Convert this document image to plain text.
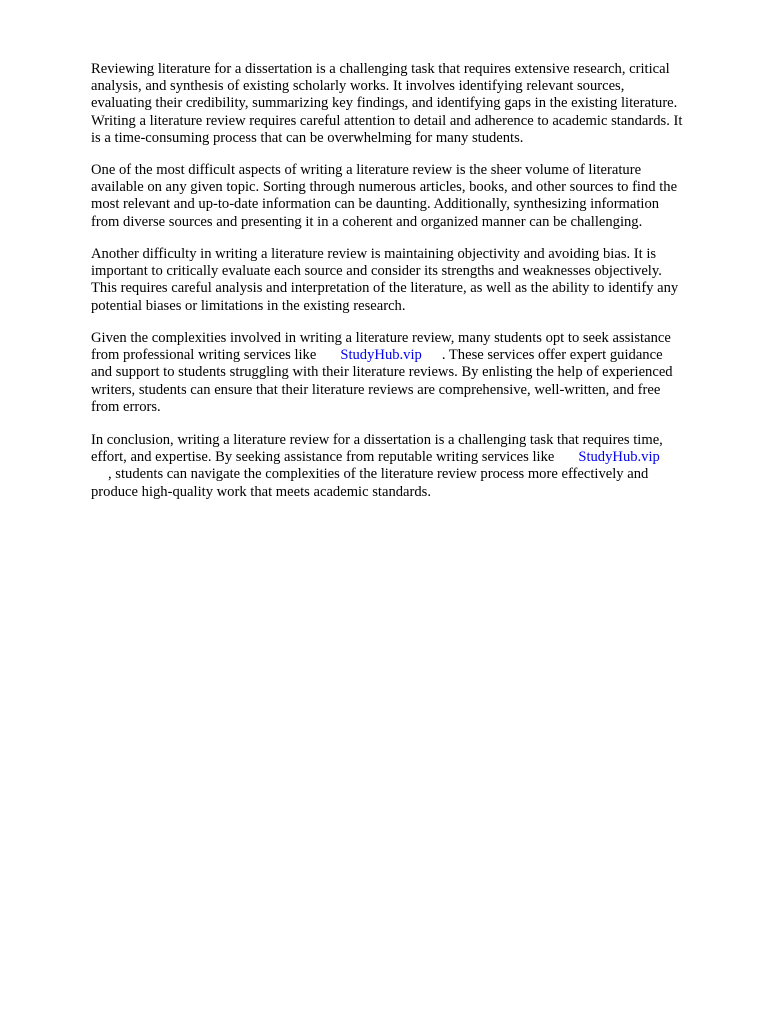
Reviewing literature for a dissertation is a challenging task that requires extensive research, critical
analysis, and synthesis of existing scholarly works. It involves identifying relevant sources,
evaluating their credibility, summarizing key findings, and identifying gaps in the existing literature.
Writing a literature review requires careful attention to detail and adherence to academic standards. It
is a time-consuming process that can be overwhelming for many students.

One of the most difficult aspects of writing a literature review is the sheer volume of literature
available on any given topic. Sorting through numerous articles, books, and other sources to find the
most relevant and up-to-date information can be daunting. Additionally, synthesizing information
from diverse sources and presenting it in a coherent and organized manner can be challenging.

Another difficulty in writing a literature review is maintaining objectivity and avoiding bias. It is
important to critically evaluate each source and consider its strengths and weaknesses objectively.
This requires careful analysis and interpretation of the literature, as well as the ability to identify any
potential biases or limitations in the existing research.

Given the complexities involved in writing a literature review, many students opt to seek assistance
from professional writing services like StudyHub.vip . These services offer expert guidance
and support to students struggling with their literature reviews. By enlisting the help of experienced
writers, students can ensure that their literature reviews are comprehensive, well-written, and free
from errors.

In conclusion, writing a literature review for a dissertation is a challenging task that requires time,
effort, and expertise. By seeking assistance from reputable writing services like StudyHub.vip
, students can navigate the complexities of the literature review process more effectively and
produce high-quality work that meets academic standards.
